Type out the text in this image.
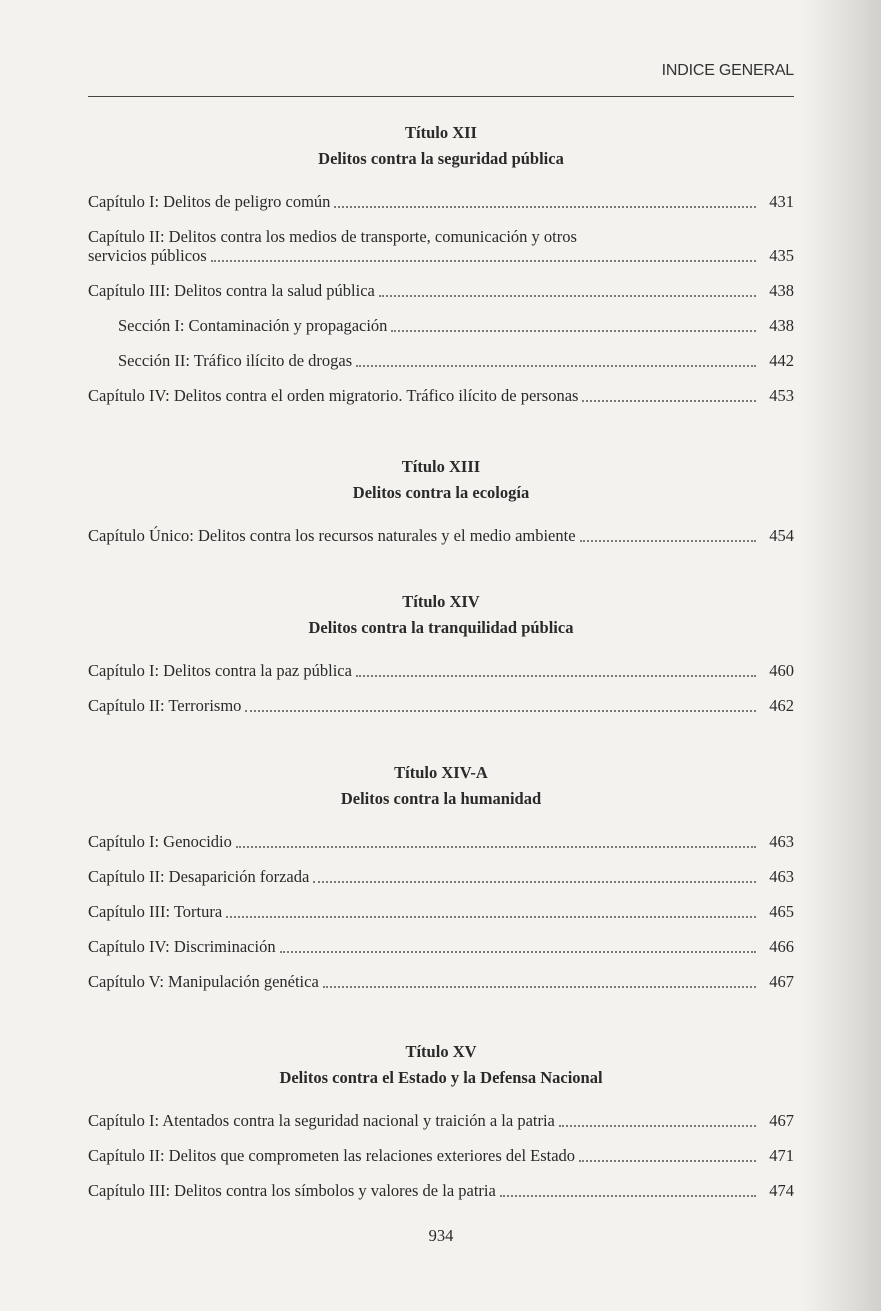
INDICE GENERAL
Título XII
Delitos contra la seguridad pública
Capítulo I: Delitos de peligro común	431
Capítulo II: Delitos contra los medios de transporte, comunicación y otros
servicios públicos	435
Capítulo III: Delitos contra la salud pública	438
Sección I: Contaminación y propagación	438
Sección II: Tráfico ilícito de drogas	442
Capítulo IV: Delitos contra el orden migratorio. Tráfico ilícito de personas	453
Título XIII
Delitos contra la ecología
Capítulo Único: Delitos contra los recursos naturales y el medio ambiente	454
Título XIV
Delitos contra la tranquilidad pública
Capítulo I: Delitos contra la paz pública	460
Capítulo II: Terrorismo	462
Título XIV-A
Delitos contra la humanidad
Capítulo I: Genocidio	463
Capítulo II: Desaparición forzada	463
Capítulo III: Tortura	465
Capítulo IV: Discriminación	466
Capítulo V: Manipulación genética	467
Título XV
Delitos contra el Estado y la Defensa Nacional
Capítulo I: Atentados contra la seguridad nacional y traición a la patria	467
Capítulo II: Delitos que comprometen las relaciones exteriores del Estado	471
Capítulo III: Delitos contra los símbolos y valores de la patria	474
934
